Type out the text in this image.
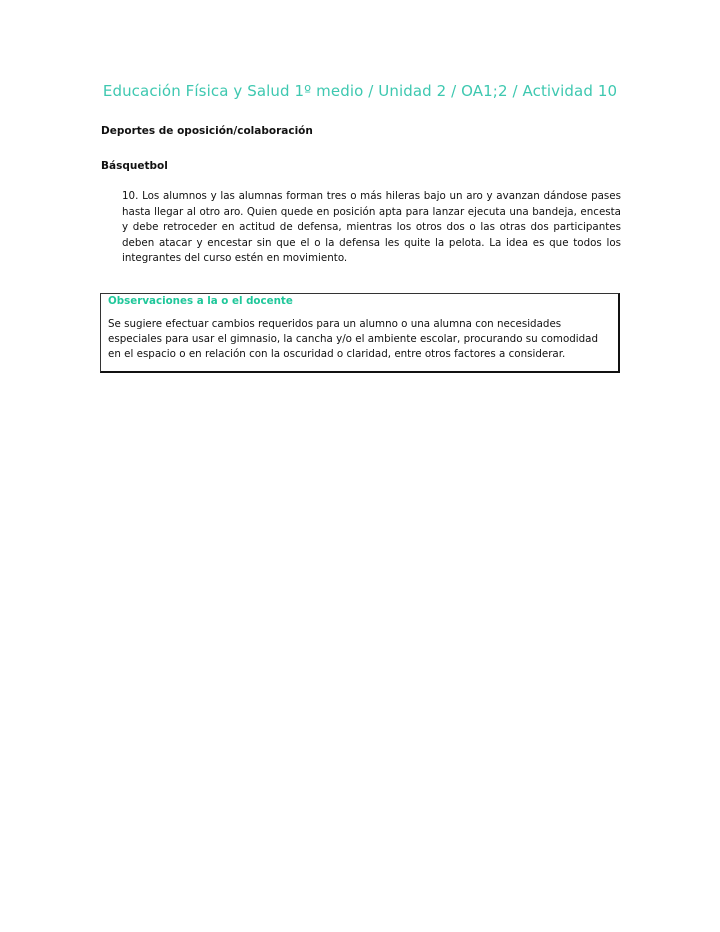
Educación Física y Salud 1º medio / Unidad 2 / OA1;2 / Actividad 10
Deportes de oposición/colaboración
Básquetbol
10. Los alumnos y las alumnas forman tres o más hileras bajo un aro y avanzan dándose pases hasta llegar al otro aro. Quien quede en posición apta para lanzar ejecuta una bandeja, encesta y debe retroceder en actitud de defensa, mientras los otros dos o las otras dos participantes deben atacar y encestar sin que el o la defensa les quite la pelota. La idea es que todos los integrantes del curso estén en movimiento.
Observaciones a la o el docente
Se sugiere efectuar cambios requeridos para un alumno o una alumna con necesidades especiales para usar el gimnasio, la cancha y/o el ambiente escolar, procurando su comodidad en el espacio o en relación con la oscuridad o claridad, entre otros factores a considerar.
